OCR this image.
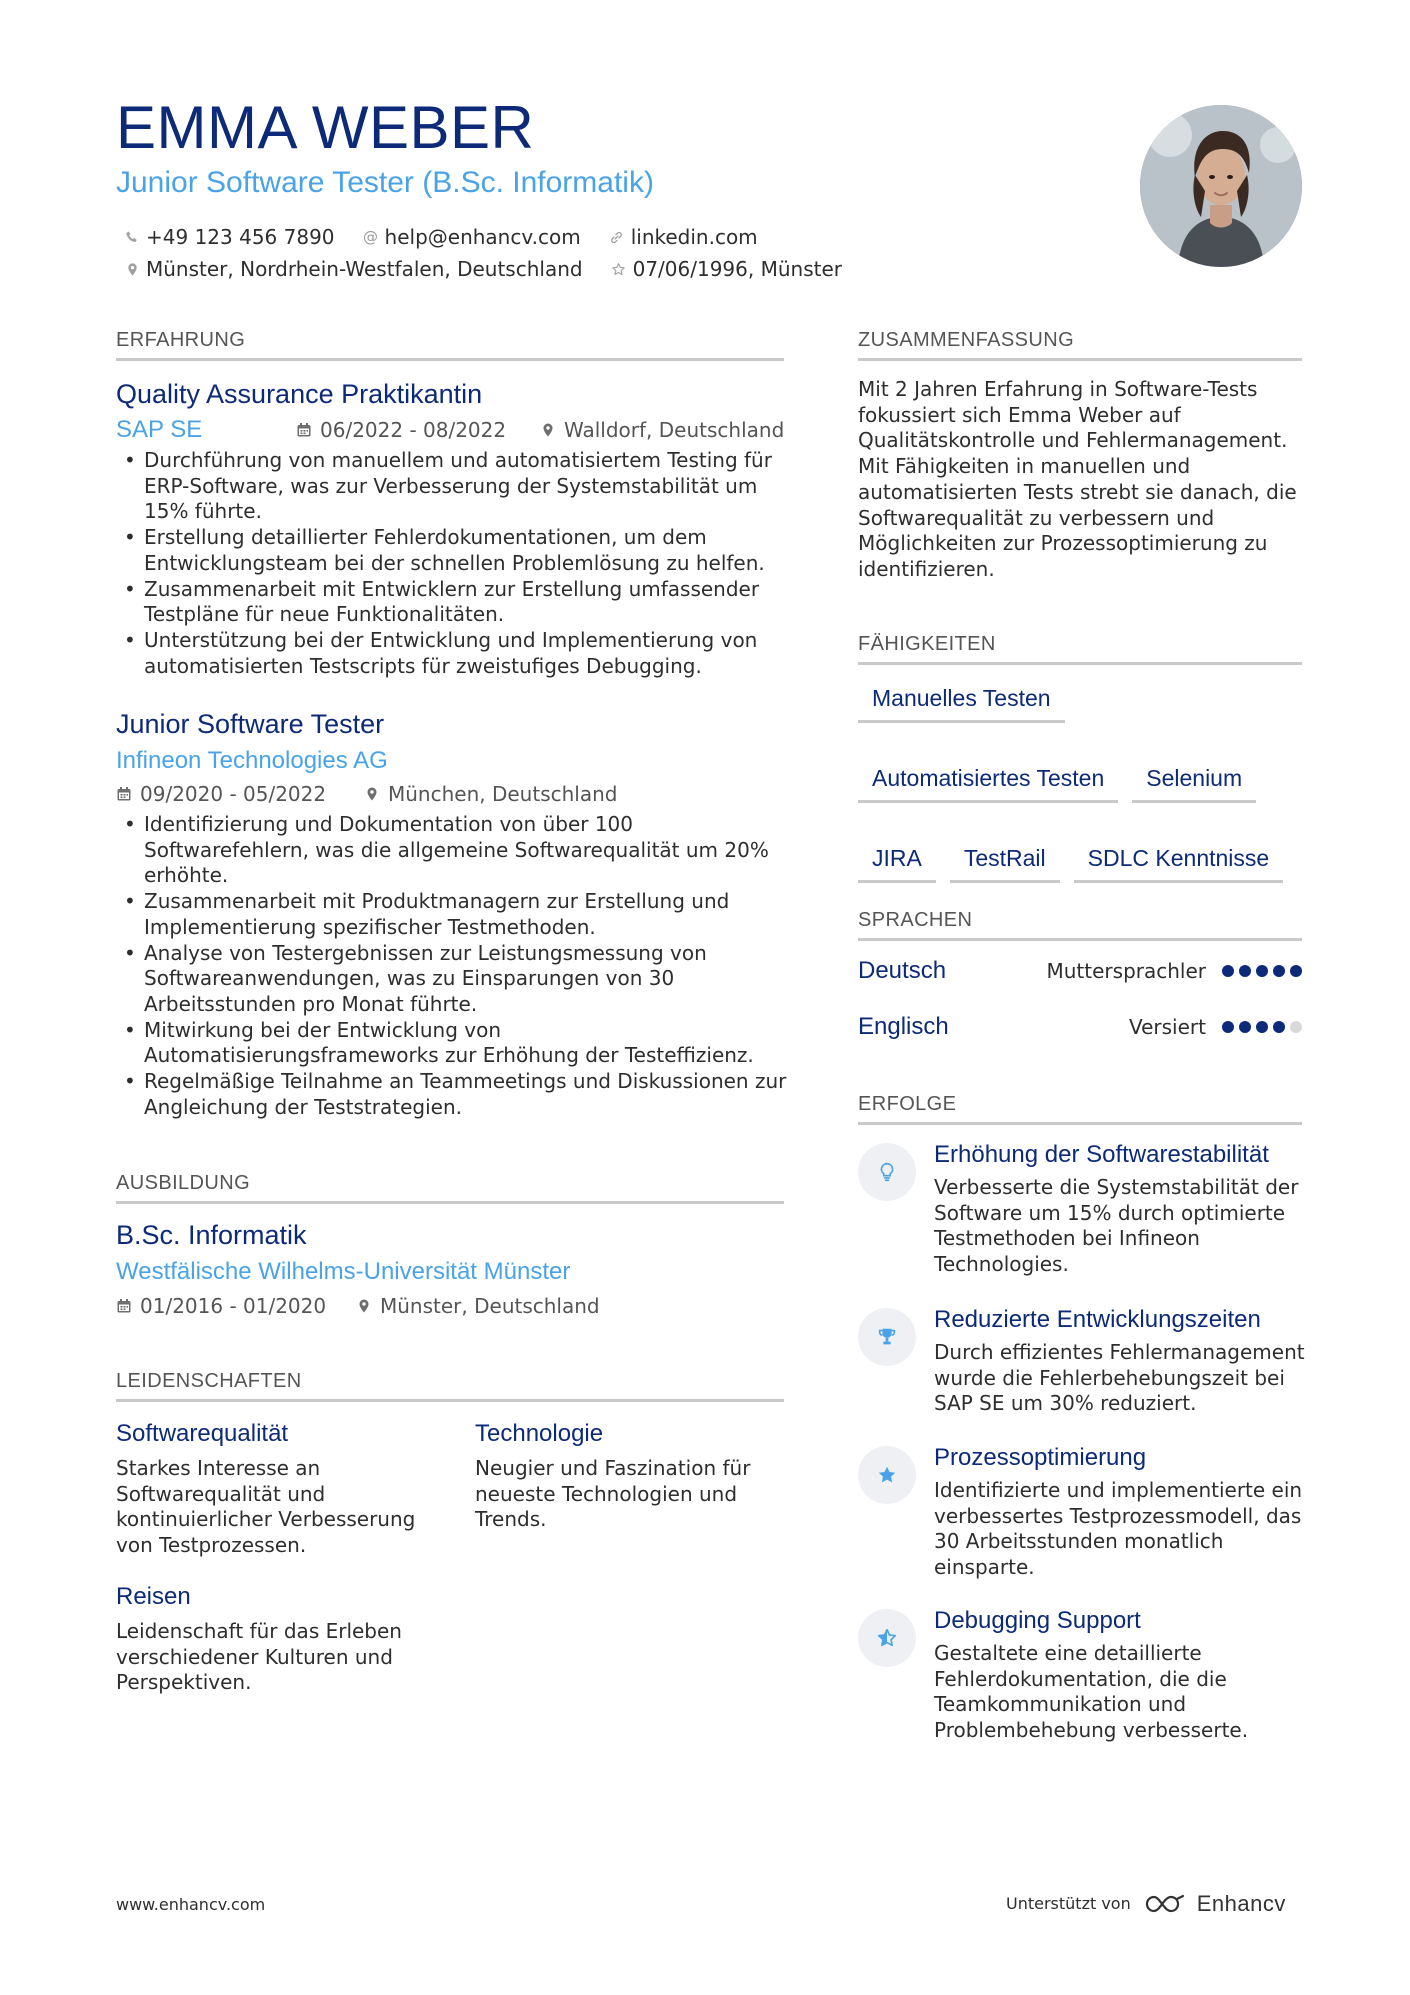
EMMA WEBER
Junior Software Tester (B.Sc. Informatik)
+49 123 456 7890 @ help@enhancv.com	linkedin.com
Münster, Nordrhein-Westfalen, Deutschland	07/06/1996, Münster
ERFAHRUNG
Quality Assurance Praktikantin
SAP SE	06/2022 - 08/2022	Walldorf, Deutschland
• Durchführung von manuellem und automatisiertem Testing für ERP-Software, was zur Verbesserung der Systemstabilität um 15% führte.
• Erstellung detaillierter Fehlerdokumentationen, um dem Entwicklungsteam bei der schnellen Problemlösung zu helfen.
• Zusammenarbeit mit Entwicklern zur Erstellung umfassender Testpläne für neue Funktionalitäten.
• Unterstützung bei der Entwicklung und Implementierung von automatisierten Testscripts für zweistufiges Debugging.
Junior Software Tester
Infineon Technologies AG
09/2020 - 05/2022	München, Deutschland
• Identifizierung und Dokumentation von über 100 Softwarefehlern, was die allgemeine Softwarequalität um 20% erhöhte.
• Zusammenarbeit mit Produktmanagern zur Erstellung und Implementierung spezifischer Testmethoden.
• Analyse von Testergebnissen zur Leistungsmessung von Softwareanwendungen, was zu Einsparungen von 30 Arbeitsstunden pro Monat führte.
• Mitwirkung bei der Entwicklung von Automatisierungsframeworks zur Erhöhung der Testeffizienz.
• Regelmäßige Teilnahme an Teammeetings und Diskussionen zur Angleichung der Teststrategien.
AUSBILDUNG
B.Sc. Informatik
Westfälische Wilhelms-Universität Münster
01/2016 - 01/2020	Münster, Deutschland
LEIDENSCHAFTEN
Softwarequalität
Starkes Interesse an Softwarequalität und kontinuierlicher Verbesserung von Testprozessen.
Technologie
Neugier und Faszination für neueste Technologien und Trends.
Reisen
Leidenschaft für das Erleben verschiedener Kulturen und Perspektiven.
ZUSAMMENFASSUNG
Mit 2 Jahren Erfahrung in Software-Tests fokussiert sich Emma Weber auf Qualitätskontrolle und Fehlermanagement. Mit Fähigkeiten in manuellen und automatisierten Tests strebt sie danach, die Softwarequalität zu verbessern und Möglichkeiten zur Prozessoptimierung zu identifizieren.
FÄHIGKEITEN
Manuelles Testen
Automatisiertes Testen	Selenium
JIRA	TestRail	SDLC Kenntnisse
SPRACHEN
Deutsch	Muttersprachler
Englisch	Versiert
ERFOLGE
Erhöhung der Softwarestabilität
Verbesserte die Systemstabilität der Software um 15% durch optimierte Testmethoden bei Infineon Technologies.
Reduzierte Entwicklungszeiten
Durch effizientes Fehlermanagement wurde die Fehlerbehebungszeit bei SAP SE um 30% reduziert.
Prozessoptimierung
Identifizierte und implementierte ein verbessertes Testprozessmodell, das 30 Arbeitsstunden monatlich einsparte.
Debugging Support
Gestaltete eine detaillierte Fehlerdokumentation, die die Teamkommunikation und Problembehebung verbesserte.
www.enhancv.com	Unterstützt von	Enhancv
